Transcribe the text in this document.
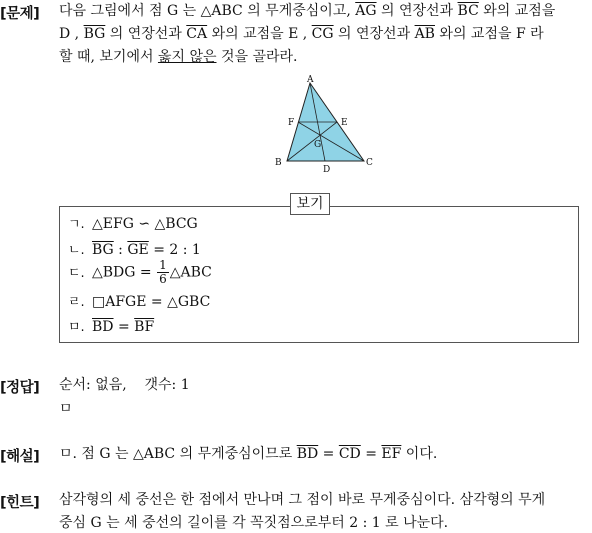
[문제] 다음 그림에서 점 G 는 △ABC 의 무게중심이고, $\overline{AG}$ 의 연장선과 $\overline{BC}$ 와의 교점을
D , $\overline{BG}$ 의 연장선과 $\overline{CA}$ 와의 교점을 E , $\overline{CG}$ 의 연장선과 $\overline{AB}$ 와의 교점을 F 라
할 때, 보기에서 옳지 않은 것을 골라라.
A
B	C
D
E
F
G
보기
ㄱ. △EFG ∽ △BCG
ㄴ. $\overline{BG}$ : $\overline{GE} = 2$ : 1
ㄷ. △BDG = $\frac{1}{6}$ △ABC
ㄹ. □AFGE = △GBC
ㅁ. $\overline{BD} = \overline{BF}$
[정답] 순서: 없음,    갯수: 1
ㅁ
[해설] ㅁ. 점 G 는 △ABC 의 무게중심이므로 $\overline{BD} = \overline{CD} = \overline{EF}$ 이다.
[힌트] 삼각형의 세 중선은 한 점에서 만나며 그 점이 바로 무게중심이다. 삼각형의 무게
중심 G 는 세 중선의 길이를 각 꼭짓점으로부터 2 : 1 로 나눈다.
